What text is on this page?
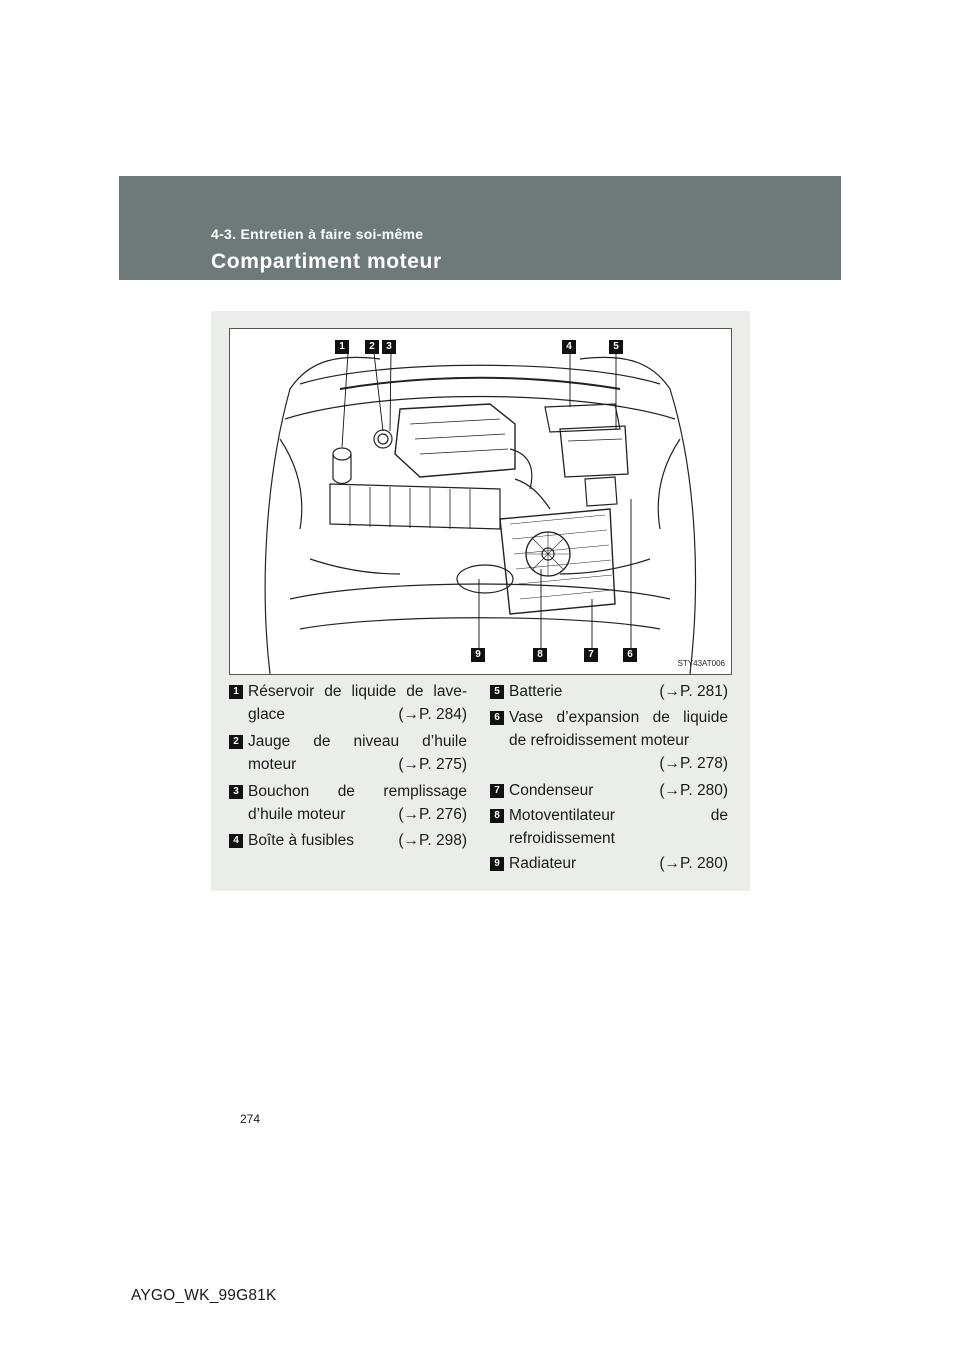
4-3. Entretien à faire soi-même
Compartiment moteur
1	2	3	4	5
9	8	7	6
STY43AT006
1 Réservoir de liquide de lave-
glace	(→P. 284)
2 Jauge de niveau d’huile
moteur	(→P. 275)
3 Bouchon de remplissage
d’huile moteur	(→P. 276)
4 Boîte à fusibles	(→P. 298)
5 Batterie	(→P. 281)
6 Vase d’expansion de liquide
de refroidissement moteur
(→P. 278)
7 Condenseur	(→P. 280)
8 Motoventilateur de
refroidissement
9 Radiateur	(→P. 280)
274
AYGO_WK_99G81K
